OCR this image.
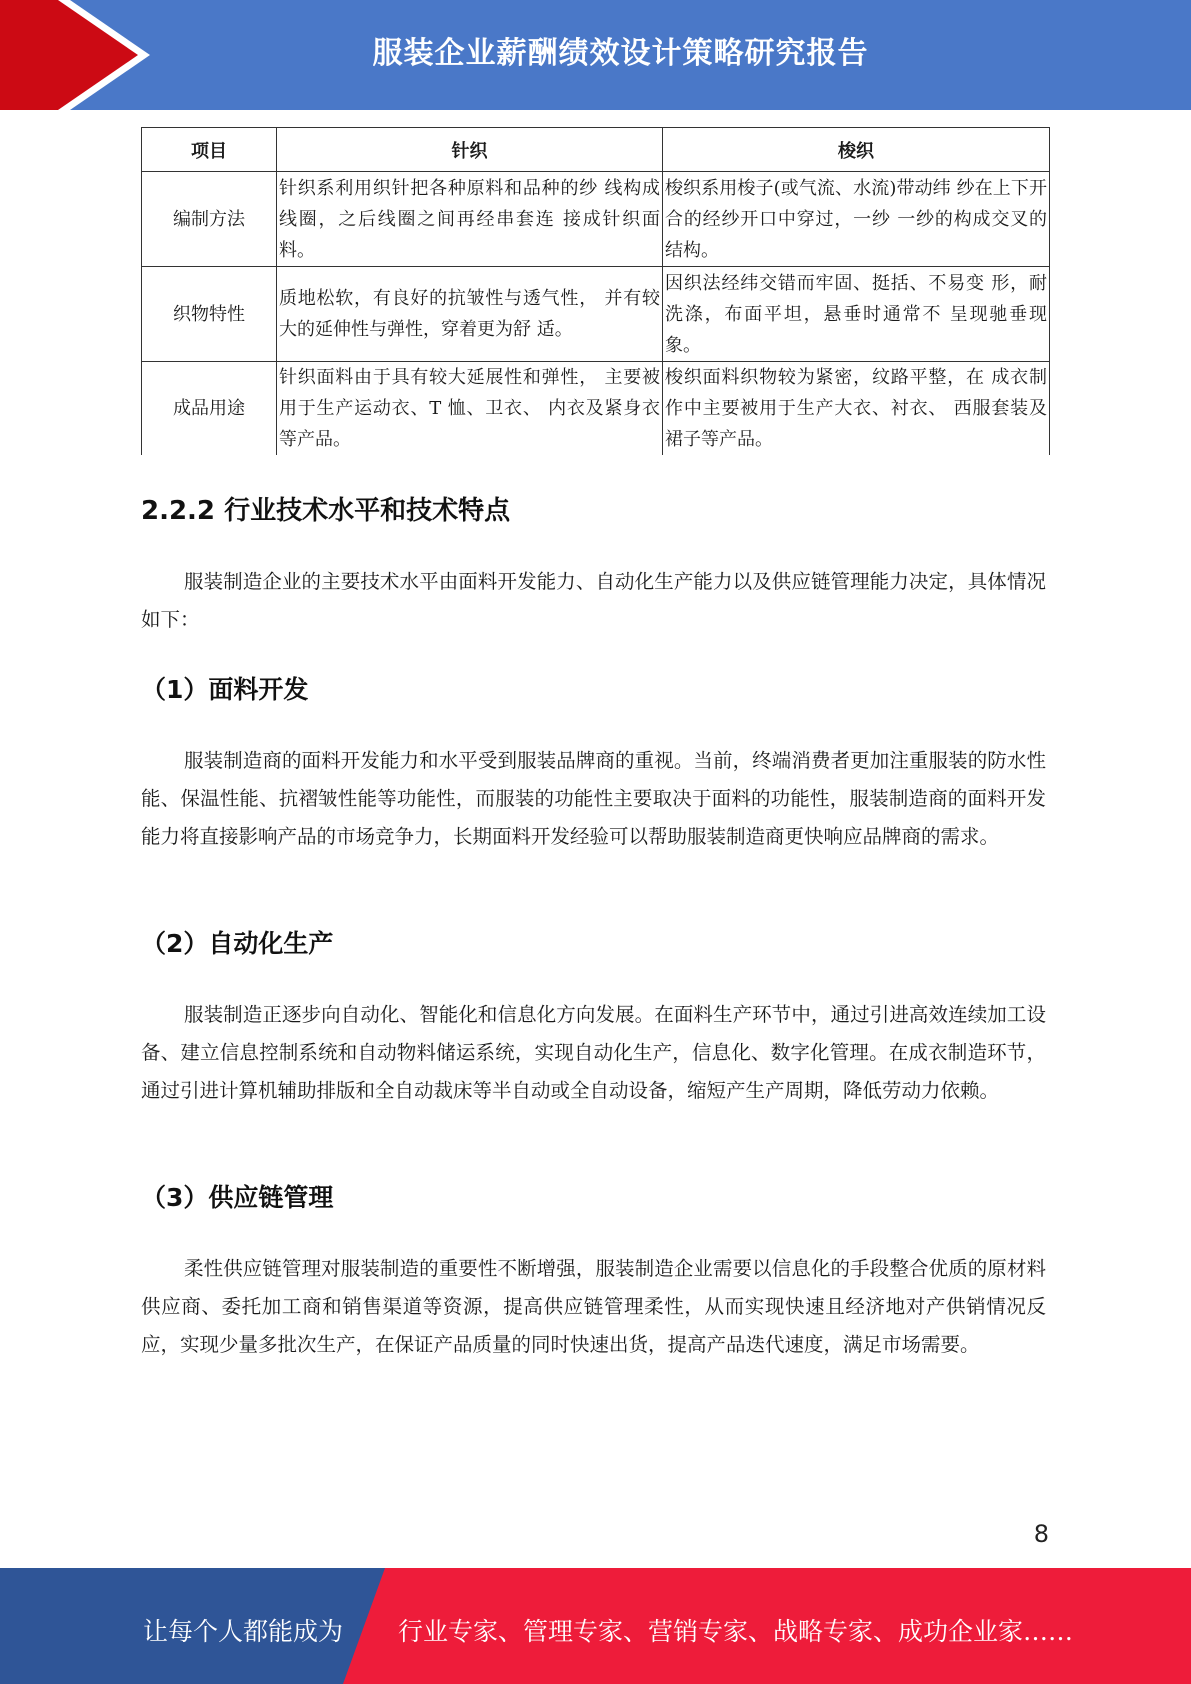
服装企业薪酬绩效设计策略研究报告
项目	针织	梭织
编制方法	针织系利用织针把各种原料和品种的纱 线构成线圈，之后线圈之间再经串套连 接成针织面料。	梭织系用梭子(或气流、水流)带动纬 纱在上下开合的经纱开口中穿过，一纱 一纱的构成交叉的结构。
织物特性	质地松软，有良好的抗皱性与透气性， 并有较大的延伸性与弹性，穿着更为舒 适。	因织法经纬交错而牢固、挺括、不易变 形，耐洗涤，布面平坦，悬垂时通常不 呈现驰垂现象。
成品用途	针织面料由于具有较大延展性和弹性， 主要被用于生产运动衣、T 恤、卫衣、 内衣及紧身衣等产品。	梭织面料织物较为紧密，纹路平整，在 成衣制作中主要被用于生产大衣、衬衣、 西服套装及裙子等产品。
2.2.2 行业技术水平和技术特点

服装制造企业的主要技术水平由面料开发能力、自动化生产能力以及供应链管理能力决定，具体情况如下：

（1）面料开发

服装制造商的面料开发能力和水平受到服装品牌商的重视。当前，终端消费者更加注重服装的防水性能、保温性能、抗褶皱性能等功能性，而服装的功能性主要取决于面料的功能性，服装制造商的面料开发能力将直接影响产品的市场竞争力，长期面料开发经验可以帮助服装制造商更快响应品牌商的需求。

（2）自动化生产

服装制造正逐步向自动化、智能化和信息化方向发展。在面料生产环节中，通过引进高效连续加工设备、建立信息控制系统和自动物料储运系统，实现自动化生产，信息化、数字化管理。在成衣制造环节，通过引进计算机辅助排版和全自动裁床等半自动或全自动设备，缩短产生产周期，降低劳动力依赖。

（3）供应链管理

柔性供应链管理对服装制造的重要性不断增强，服装制造企业需要以信息化的手段整合优质的原材料供应商、委托加工商和销售渠道等资源，提高供应链管理柔性，从而实现快速且经济地对产供销情况反应，实现少量多批次生产，在保证产品质量的同时快速出货，提高产品迭代速度，满足市场需要。

8
让每个人都能成为 行业专家、管理专家、营销专家、战略专家、成功企业家……
